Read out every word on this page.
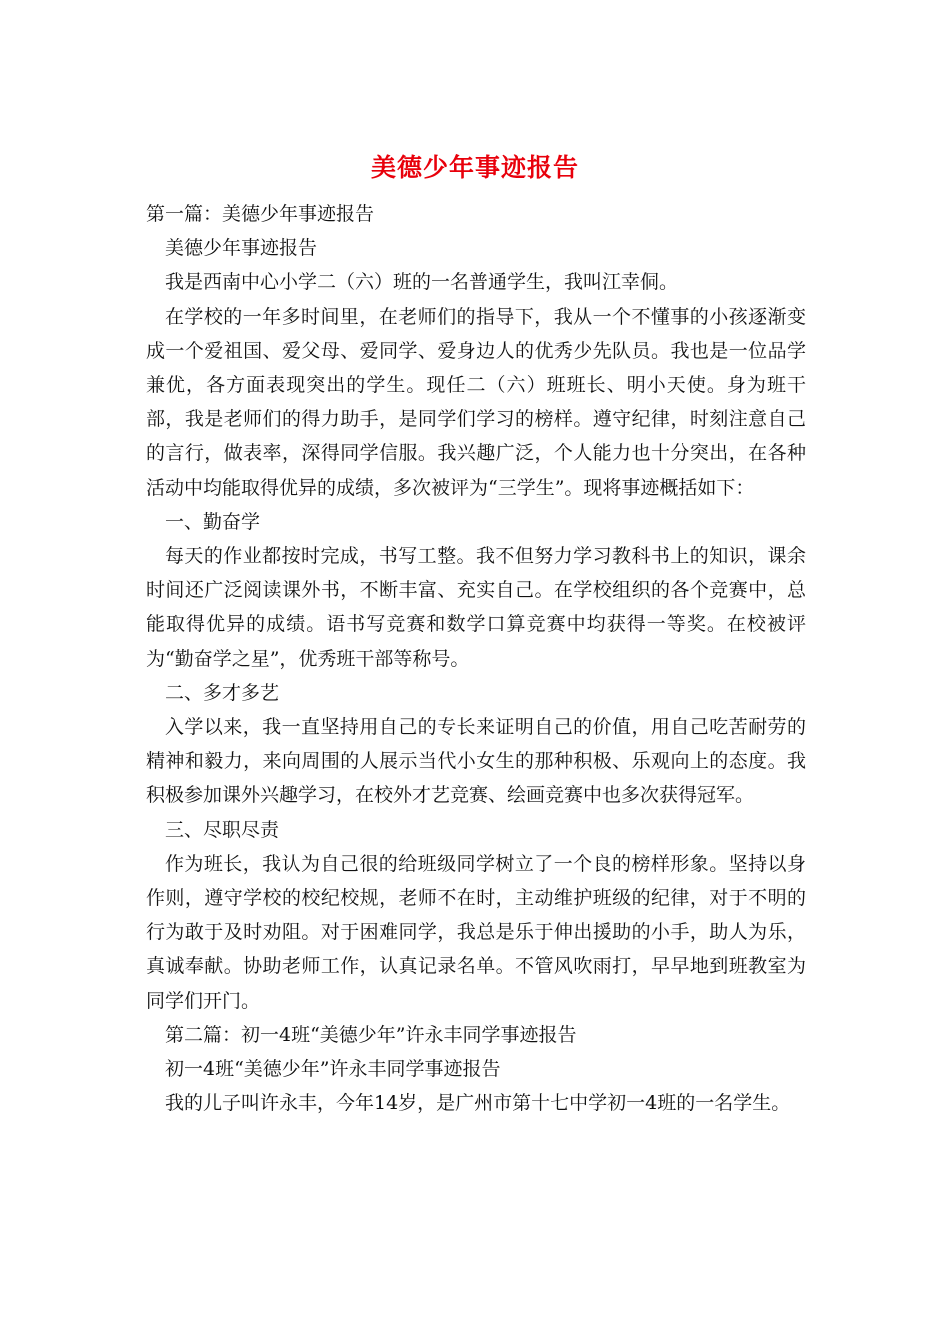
美德少年事迹报告

第一篇：美德少年事迹报告

美德少年事迹报告

我是西南中心小学二（六）班的一名普通学生，我叫江幸侗。

在学校的一年多时间里，在老师们的指导下，我从一个不懂事的小孩逐渐变成一个爱祖国、爱父母、爱同学、爱身边人的优秀少先队员。我也是一位品学兼优，各方面表现突出的学生。现任二（六）班班长、明小天使。身为班干部，我是老师们的得力助手，是同学们学习的榜样。遵守纪律，时刻注意自己的言行，做表率，深得同学信服。我兴趣广泛，个人能力也十分突出，在各种活动中均能取得优异的成绩，多次被评为“三学生”。现将事迹概括如下：

一、勤奋学

每天的作业都按时完成，书写工整。我不但努力学习教科书上的知识，课余时间还广泛阅读课外书，不断丰富、充实自己。在学校组织的各个竞赛中，总能取得优异的成绩。语书写竞赛和数学口算竞赛中均获得一等奖。在校被评为“勤奋学之星”，优秀班干部等称号。

二、多才多艺

入学以来，我一直坚持用自己的专长来证明自己的价值，用自己吃苦耐劳的精神和毅力，来向周围的人展示当代小女生的那种积极、乐观向上的态度。我积极参加课外兴趣学习，在校外才艺竞赛、绘画竞赛中也多次获得冠军。

三、尽职尽责

作为班长，我认为自己很的给班级同学树立了一个良的榜样形象。坚持以身作则，遵守学校的校纪校规，老师不在时，主动维护班级的纪律，对于不明的行为敢于及时劝阻。对于困难同学，我总是乐于伸出援助的小手，助人为乐，真诚奉献。协助老师工作，认真记录名单。不管风吹雨打，早早地到班教室为同学们开门。

第二篇：初一4班“美德少年”许永丰同学事迹报告

初一4班“美德少年”许永丰同学事迹报告

我的儿子叫许永丰，今年14岁，是广州市第十七中学初一4班的一名学生。
